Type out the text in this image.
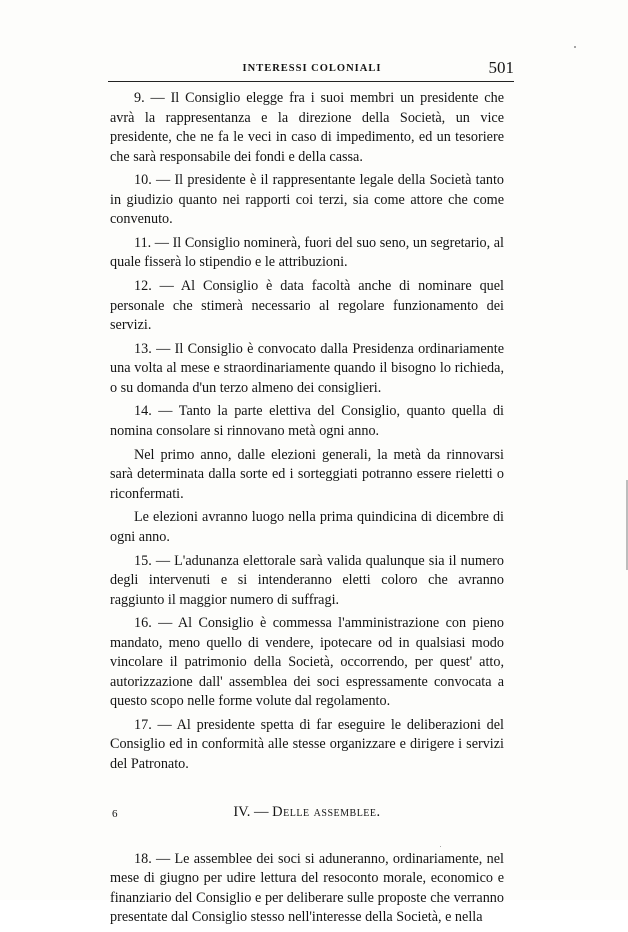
INTERESSI COLONIALI	501

9. — Il Consiglio elegge fra i suoi membri un presidente che avrà la rappresentanza e la direzione della Società, un vice presidente, che ne fa le veci in caso di impedimento, ed un tesoriere che sarà responsabile dei fondi e della cassa.

10. — Il presidente è il rappresentante legale della Società tanto in giudizio quanto nei rapporti coi terzi, sia come attore che come convenuto.

11. — Il Consiglio nominerà, fuori del suo seno, un segretario, al quale fisserà lo stipendio e le attribuzioni.

12. — Al Consiglio è data facoltà anche di nominare quel personale che stimerà necessario al regolare funzionamento dei servizi.

13. — Il Consiglio è convocato dalla Presidenza ordinariamente una volta al mese e straordinariamente quando il bisogno lo richieda, o su domanda d'un terzo almeno dei consiglieri.

14. — Tanto la parte elettiva del Consiglio, quanto quella di nomina consolare si rinnovano metà ogni anno.

Nel primo anno, dalle elezioni generali, la metà da rinnovarsi sarà determinata dalla sorte ed i sorteggiati potranno essere rieletti o riconfermati.

Le elezioni avranno luogo nella prima quindicina di dicembre di ogni anno.

15. — L'adunanza elettorale sarà valida qualunque sia il numero degli intervenuti e si intenderanno eletti coloro che avranno raggiunto il maggior numero di suffragi.

16. — Al Consiglio è commessa l'amministrazione con pieno mandato, meno quello di vendere, ipotecare od in qualsiasi modo vincolare il patrimonio della Società, occorrendo, per quest' atto, autorizzazione dall' assemblea dei soci espressamente convocata a questo scopo nelle forme volute dal regolamento.

17. — Al presidente spetta di far eseguire le deliberazioni del Consiglio ed in conformità alle stesse organizzare e dirigere i servizi del Patronato.

IV. — Delle assemblee.

18. — Le assemblee dei soci si aduneranno, ordinariamente, nel mese di giugno per udire lettura del resoconto morale, economico e finanziario del Consiglio e per deliberare sulle proposte che verranno presentate dal Consiglio stesso nell'interesse della Società, e nella

6
